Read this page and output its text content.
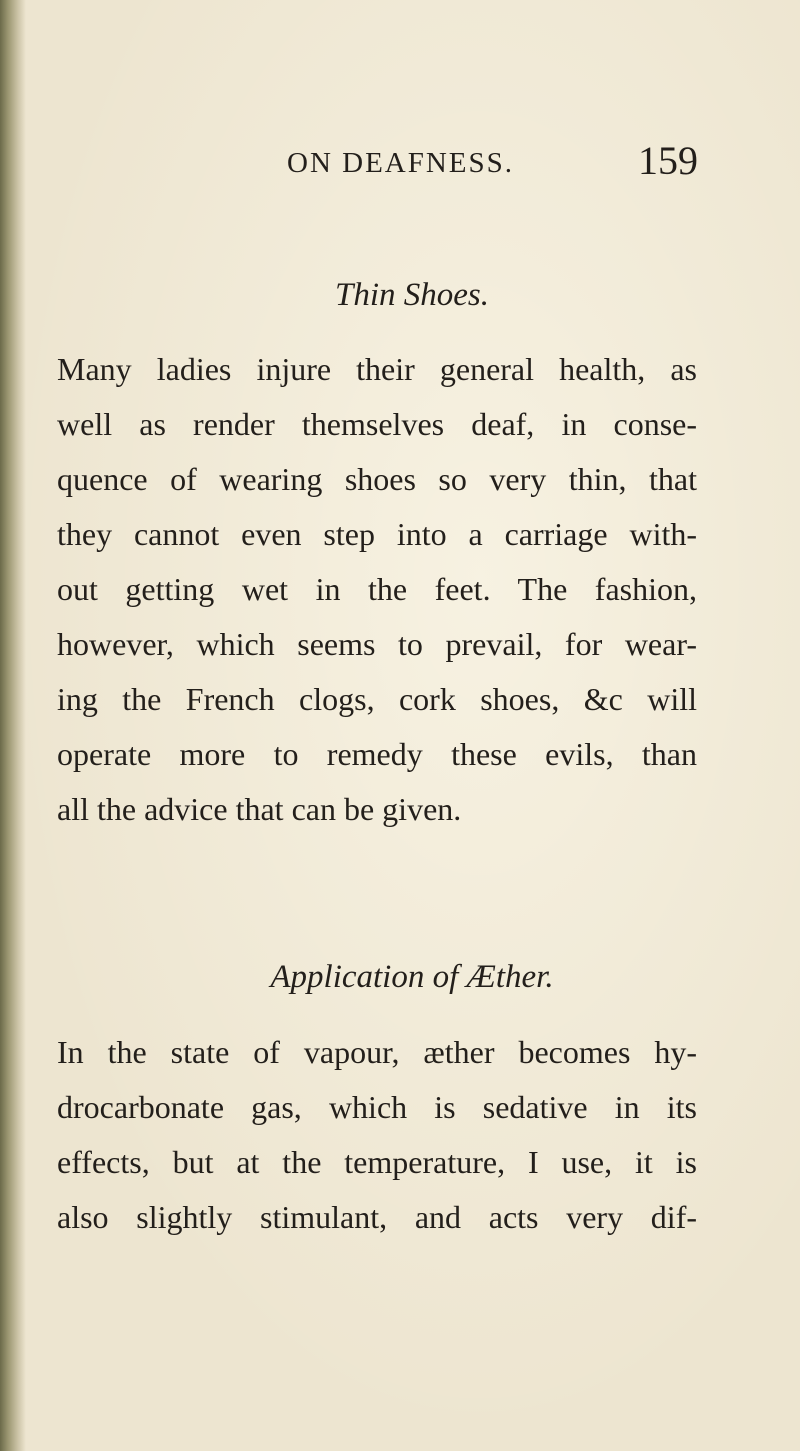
ON DEAFNESS.	159
Thin Shoes.
Many ladies injure their general health, as
well as render themselves deaf, in conse-
quence of wearing shoes so very thin, that
they cannot even step into a carriage with-
out getting wet in the feet. The fashion,
however, which seems to prevail, for wear-
ing the French clogs, cork shoes, &c will
operate more to remedy these evils, than
all the advice that can be given.
Application of Æther.
In the state of vapour, æther becomes hy-
drocarbonate gas, which is sedative in its
effects, but at the temperature, I use, it is
also slightly stimulant, and acts very dif-
